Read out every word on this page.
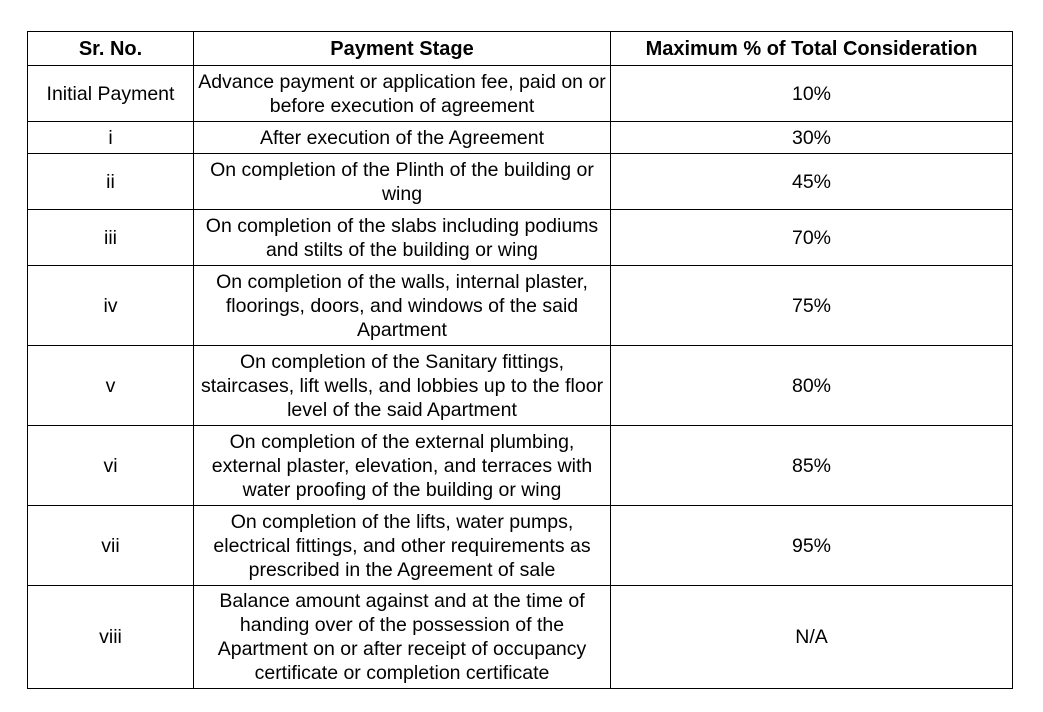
Sr. No.	Payment Stage	Maximum % of Total Consideration
Initial Payment	Advance payment or application fee, paid on or before execution of agreement	10%
i	After execution of the Agreement	30%
ii	On completion of the Plinth of the building or wing	45%
iii	On completion of the slabs including podiums and stilts of the building or wing	70%
iv	On completion of the walls, internal plaster, floorings, doors, and windows of the said Apartment	75%
v	On completion of the Sanitary fittings, staircases, lift wells, and lobbies up to the floor level of the said Apartment	80%
vi	On completion of the external plumbing, external plaster, elevation, and terraces with water proofing of the building or wing	85%
vii	On completion of the lifts, water pumps, electrical fittings, and other requirements as prescribed in the Agreement of sale	95%
viii	Balance amount against and at the time of handing over of the possession of the Apartment on or after receipt of occupancy certificate or completion certificate	N/A
